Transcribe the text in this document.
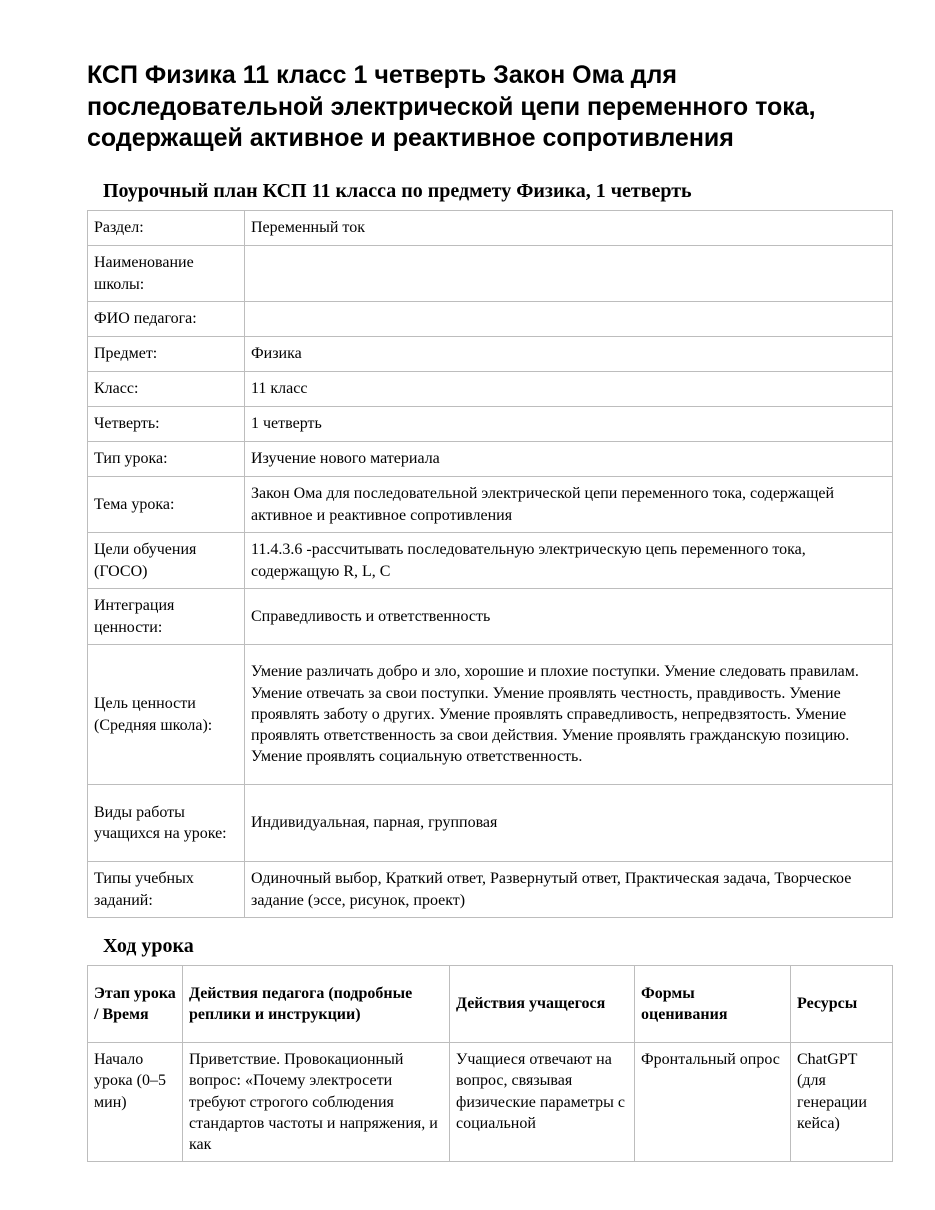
КСП Физика 11 класс 1 четверть Закон Ома для последовательной электрической цепи переменного тока, содержащей активное и реактивное сопротивления
Поурочный план КСП 11 класса по предмету Физика, 1 четверть
Раздел:	Переменный ток
Наименование школы:	
ФИО педагога:	
Предмет:	Физика
Класс:	11 класс
Четверть:	1 четверть
Тип урока:	Изучение нового материала
Тема урока:	Закон Ома для последовательной электрической цепи переменного тока, содержащей активное и реактивное сопротивления
Цели обучения (ГОСО)	11.4.3.6 -рассчитывать последовательную электрическую цепь переменного тока, содержащую R, L, C
Интеграция ценности:	Справедливость и ответственность
Цель ценности (Средняя школа):	Умение различать добро и зло, хорошие и плохие поступки. Умение следовать правилам. Умение отвечать за свои поступки. Умение проявлять честность, правдивость. Умение проявлять заботу о других. Умение проявлять справедливость, непредвзятость. Умение проявлять ответственность за свои действия. Умение проявлять гражданскую позицию. Умение проявлять социальную ответственность.
Виды работы учащихся на уроке:	Индивидуальная, парная, групповая
Типы учебных заданий:	Одиночный выбор, Краткий ответ, Развернутый ответ, Практическая задача, Творческое задание (эссе, рисунок, проект)
Ход урока
Этап урока / Время	Действия педагога (подробные реплики и инструкции)	Действия учащегося	Формы оценивания	Ресурсы
Начало урока (0–5 мин)	Приветствие. Провокационный вопрос: «Почему электросети требуют строгого соблюдения стандартов частоты и напряжения, и как	Учащиеся отвечают на вопрос, связывая физические параметры с социальной	Фронтальный опрос	ChatGPT (для генерации кейса)
